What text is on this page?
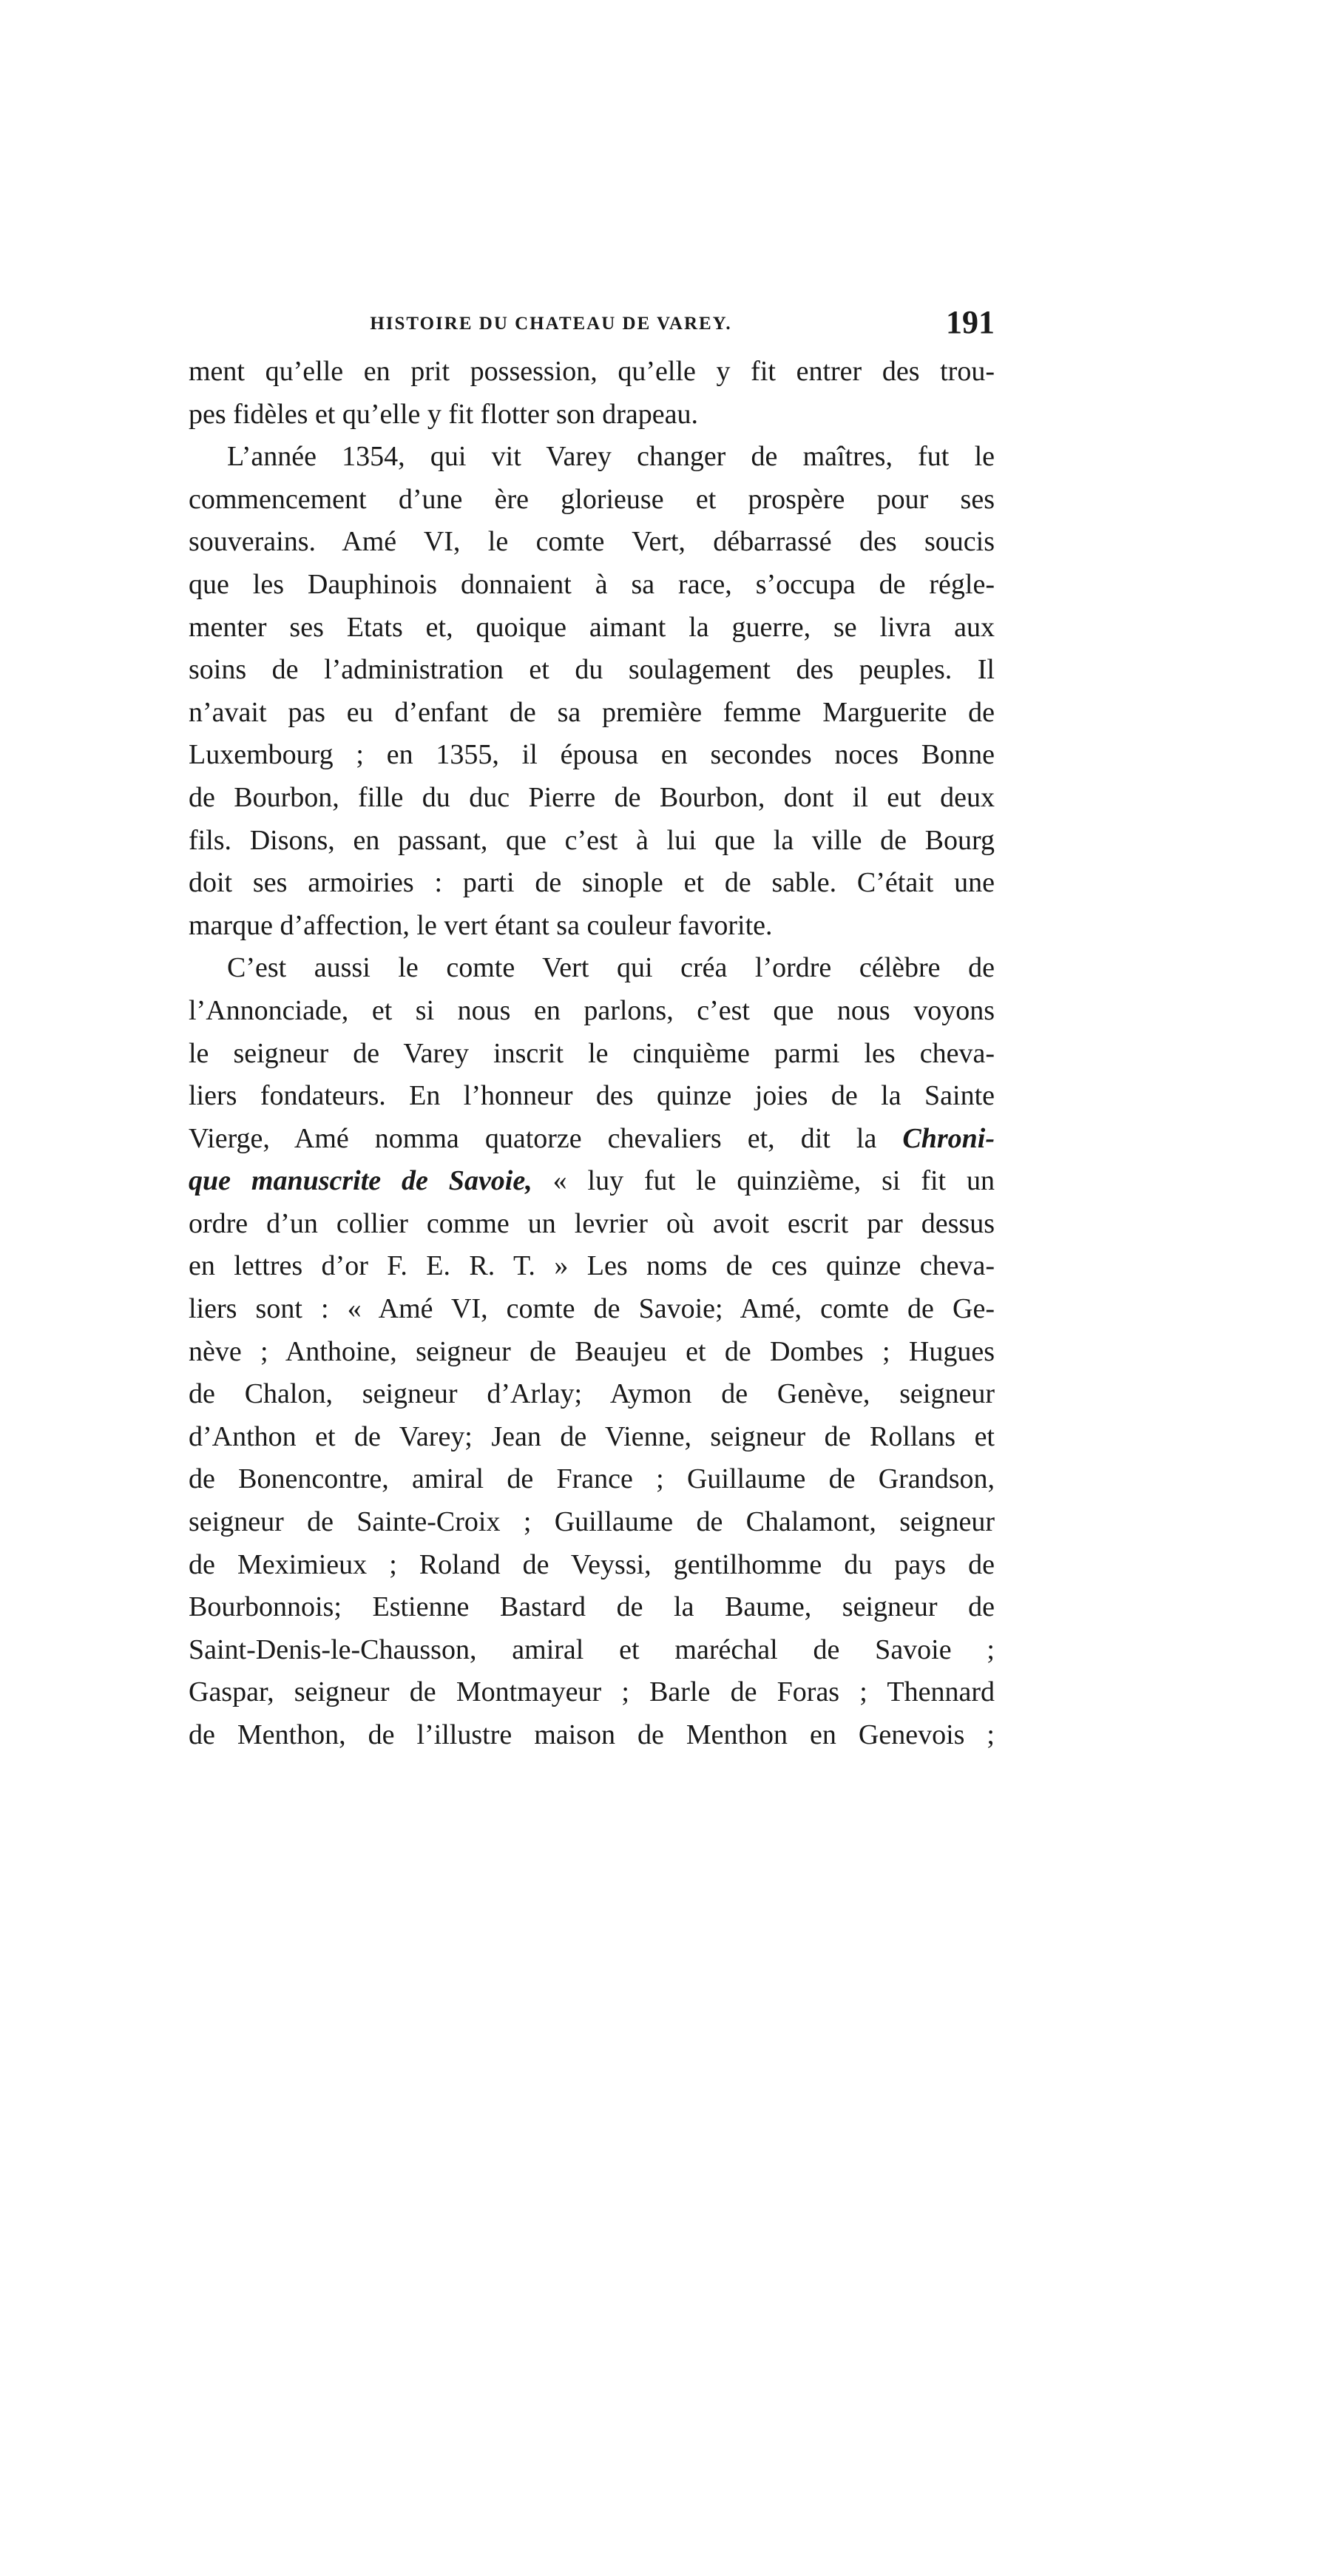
HISTOIRE DU CHATEAU DE VAREY.	191
ment qu’elle en prit possession, qu’elle y fit entrer des trou-
pes fidèles et qu’elle y fit flotter son drapeau.
L’année 1354, qui vit Varey changer de maîtres, fut le
commencement d’une ère glorieuse et prospère pour ses
souverains. Amé VI, le comte Vert, débarrassé des soucis
que les Dauphinois donnaient à sa race, s’occupa de régle-
menter ses Etats et, quoique aimant la guerre, se livra aux
soins de l’administration et du soulagement des peuples. Il
n’avait pas eu d’enfant de sa première femme Marguerite de
Luxembourg ; en 1355, il épousa en secondes noces Bonne
de Bourbon, fille du duc Pierre de Bourbon, dont il eut deux
fils. Disons, en passant, que c’est à lui que la ville de Bourg
doit ses armoiries : parti de sinople et de sable. C’était une
marque d’affection, le vert étant sa couleur favorite.
C’est aussi le comte Vert qui créa l’ordre célèbre de
l’Annonciade, et si nous en parlons, c’est que nous voyons
le seigneur de Varey inscrit le cinquième parmi les cheva-
liers fondateurs. En l’honneur des quinze joies de la Sainte
Vierge, Amé nomma quatorze chevaliers et, dit la Chroni-
que manuscrite de Savoie, « luy fut le quinzième, si fit un
ordre d’un collier comme un levrier où avoit escrit par dessus
en lettres d’or F. E. R. T. » Les noms de ces quinze cheva-
liers sont : « Amé VI, comte de Savoie; Amé, comte de Ge-
nève ; Anthoine, seigneur de Beaujeu et de Dombes ; Hugues
de Chalon, seigneur d’Arlay; Aymon de Genève, seigneur
d’Anthon et de Varey; Jean de Vienne, seigneur de Rollans et
de Bonencontre, amiral de France ; Guillaume de Grandson,
seigneur de Sainte-Croix ; Guillaume de Chalamont, seigneur
de Meximieux ; Roland de Veyssi, gentilhomme du pays de
Bourbonnois; Estienne Bastard de la Baume, seigneur de
Saint-Denis-le-Chausson, amiral et maréchal de Savoie ;
Gaspar, seigneur de Montmayeur ; Barle de Foras ; Thennard
de Menthon, de l’illustre maison de Menthon en Genevois ;
